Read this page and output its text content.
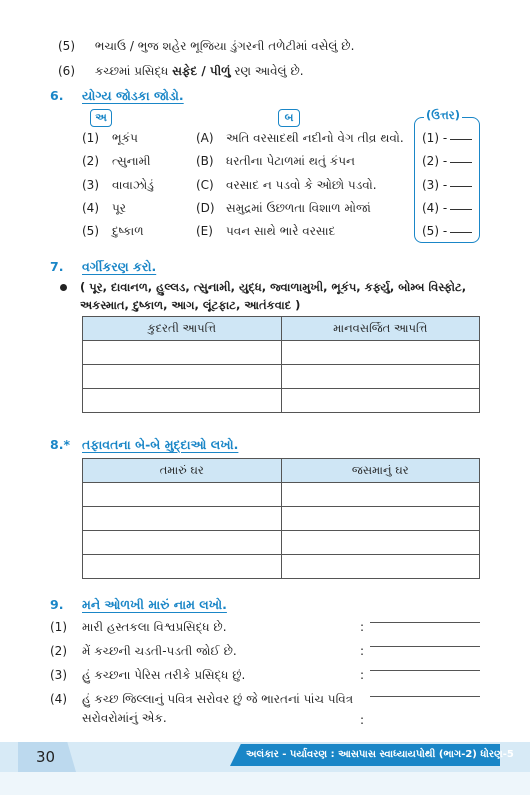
(5) ભચાઉ / ભુજ શહેર ભૂજિયા ડુંગરની તળેટીમાં વસેલું છે.
(6) કચ્છમાં પ્રસિદ્ધ સફેદ / પીળું રણ આવેલું છે.
6. યોગ્ય જોડકા જોડો.
અ	બ	(ઉત્તર)
(1) ભૂકંપ	(A) અતિ વરસાદથી નદીનો વેગ તીવ્ર થવો. (1) -
(2) ત્સુનામી	(B) ધરતીના પેટાળમાં થતું કંપન	(2) -
(3) વાવાઝોડું	(C) વરસાદ ન પડવો કે ઓછો પડવો.	(3) -
(4) પૂર	(D) સમુદ્રમાં ઉછળતા વિશાળ મોજાં	(4) -
(5) દુષ્કાળ	(E) પવન સાથે ભારે વરસાદ	(5) -
7. વર્ગીકરણ કરો.
( પૂર, દાવાનળ, હુલ્લડ, ત્સુનામી, યુદ્ધ, જ્વાળામુખી, ભૂકંપ, કર્ફ્યુ, બોમ્બ વિસ્ફોટ,
અકસ્માત, દુષ્કાળ, આગ, લૂંટફાટ, આતંકવાદ )
કુદરતી આપત્તિ	માનવસર્જિત આપત્તિ

8.* તફાવતના બે-બે મુદ્દાઓ લખો.
તમારું ઘર	જસમાનું ઘર

9. મને ઓળખી મારું નામ લખો.
(1) મારી હસ્તકલા વિશ્વપ્રસિદ્ધ છે.	:
(2) મેં કચ્છની ચડતી-પડતી જોઈ છે.	:
(3) હું કચ્છના પેરિસ તરીકે પ્રસિદ્ધ છું.	:
(4) હું કચ્છ જિલ્લાનું પવિત્ર સરોવર છું જે ભારતનાં પાંચ પવિત્ર
સરોવરોમાંનું એક.	:
30	અલંકાર - પર્યાવરણ : આસપાસ સ્વાધ્યાયપોથી (ભાગ-2) ધોરણ-5
